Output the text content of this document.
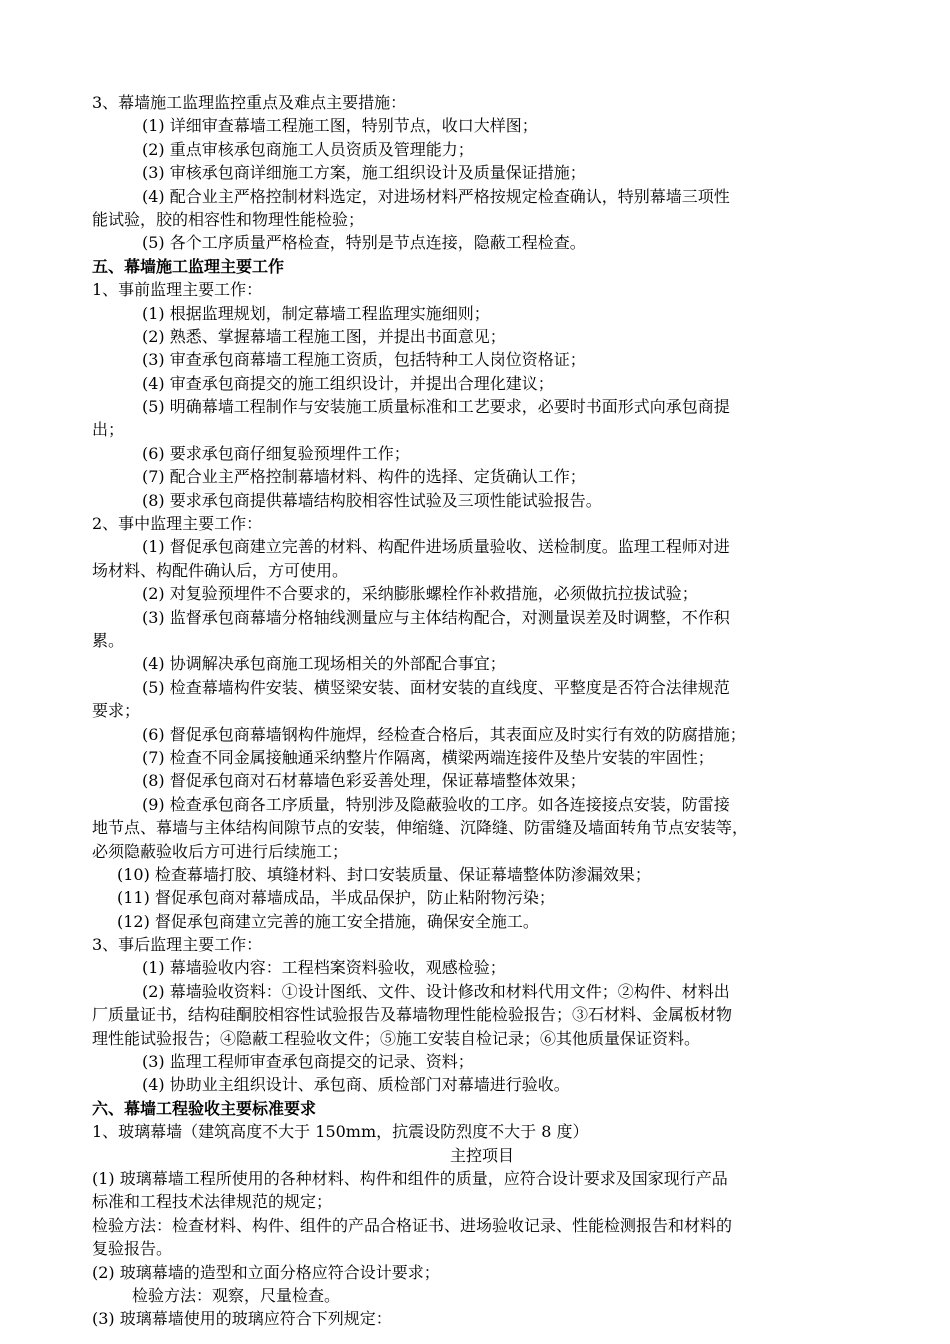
3、幕墙施工监理监控重点及难点主要措施：
(1) 详细审查幕墙工程施工图，特别节点，收口大样图；
(2) 重点审核承包商施工人员资质及管理能力；
(3) 审核承包商详细施工方案，施工组织设计及质量保证措施；
(4) 配合业主严格控制材料选定，对进场材料严格按规定检查确认，特别幕墙三项性
能试验，胶的相容性和物理性能检验；
(5) 各个工序质量严格检查，特别是节点连接，隐蔽工程检查。
五、幕墙施工监理主要工作
1、事前监理主要工作：
(1) 根据监理规划，制定幕墙工程监理实施细则；
(2) 熟悉、掌握幕墙工程施工图，并提出书面意见；
(3) 审查承包商幕墙工程施工资质，包括特种工人岗位资格证；
(4) 审查承包商提交的施工组织设计，并提出合理化建议；
(5) 明确幕墙工程制作与安装施工质量标准和工艺要求，必要时书面形式向承包商提
出；
(6) 要求承包商仔细复验预埋件工作；
(7) 配合业主严格控制幕墙材料、构件的选择、定货确认工作；
(8) 要求承包商提供幕墙结构胶相容性试验及三项性能试验报告。
2、事中监理主要工作：
(1) 督促承包商建立完善的材料、构配件进场质量验收、送检制度。监理工程师对进
场材料、构配件确认后，方可使用。
(2) 对复验预埋件不合要求的，采纳膨胀螺栓作补救措施，必须做抗拉拔试验；
(3) 监督承包商幕墙分格轴线测量应与主体结构配合，对测量误差及时调整，不作积
累。
(4) 协调解决承包商施工现场相关的外部配合事宜；
(5) 检查幕墙构件安装、横竖梁安装、面材安装的直线度、平整度是否符合法律规范
要求；
(6) 督促承包商幕墙钢构件施焊，经检查合格后，其表面应及时实行有效的防腐措施；
(7) 检查不同金属接触通采纳整片作隔离，横梁两端连接件及垫片安装的牢固性；
(8) 督促承包商对石材幕墙色彩妥善处理，保证幕墙整体效果；
(9) 检查承包商各工序质量，特别涉及隐蔽验收的工序。如各连接接点安装，防雷接
地节点、幕墙与主体结构间隙节点的安装，伸缩缝、沉降缝、防雷缝及墙面转角节点安装等，
必须隐蔽验收后方可进行后续施工；
(10) 检查幕墙打胶、填缝材料、封口安装质量、保证幕墙整体防渗漏效果；
(11) 督促承包商对幕墙成品，半成品保护，防止粘附物污染；
(12) 督促承包商建立完善的施工安全措施，确保安全施工。
3、事后监理主要工作：
(1) 幕墙验收内容：工程档案资料验收，观感检验；
(2) 幕墙验收资料：①设计图纸、文件、设计修改和材料代用文件；②构件、材料出
厂质量证书，结构硅酮胶相容性试验报告及幕墙物理性能检验报告；③石材料、金属板材物
理性能试验报告；④隐蔽工程验收文件；⑤施工安装自检记录；⑥其他质量保证资料。
(3) 监理工程师审查承包商提交的记录、资料；
(4) 协助业主组织设计、承包商、质检部门对幕墙进行验收。
六、幕墙工程验收主要标准要求
1、玻璃幕墙（建筑高度不大于 150mm，抗震设防烈度不大于 8 度）
主控项目
(1) 玻璃幕墙工程所使用的各种材料、构件和组件的质量，应符合设计要求及国家现行产品
标准和工程技术法律规范的规定；
检验方法：检查材料、构件、组件的产品合格证书、进场验收记录、性能检测报告和材料的
复验报告。
(2) 玻璃幕墙的造型和立面分格应符合设计要求；
检验方法：观察，尺量检查。
(3) 玻璃幕墙使用的玻璃应符合下列规定：
